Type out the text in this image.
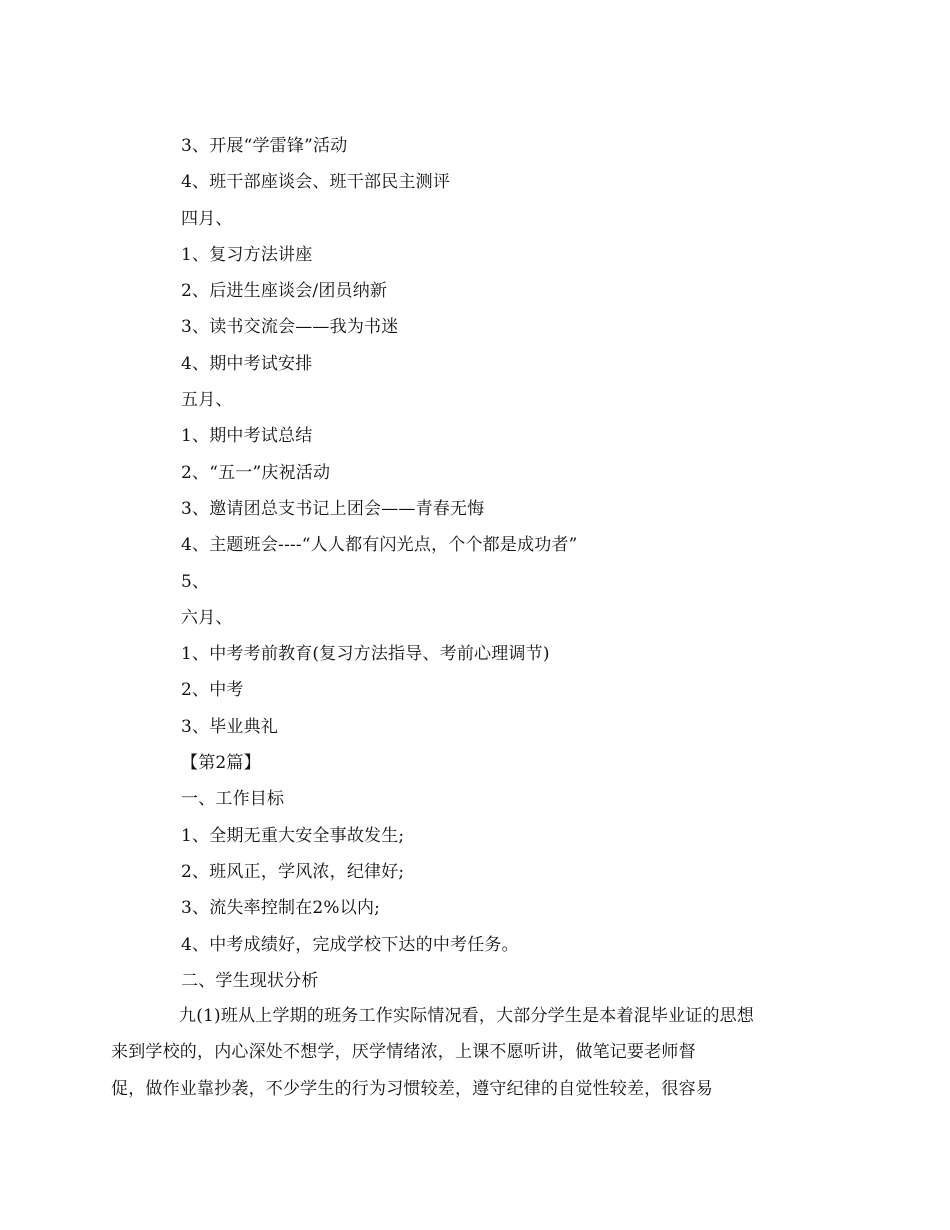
3、开展“学雷锋”活动
4、班干部座谈会、班干部民主测评
四月、
1、复习方法讲座
2、后进生座谈会/团员纳新
3、读书交流会——我为书迷
4、期中考试安排
五月、
1、期中考试总结
2、“五一”庆祝活动
3、邀请团总支书记上团会——青春无悔
4、主题班会----“人人都有闪光点，个个都是成功者”
5、
六月、
1、中考考前教育(复习方法指导、考前心理调节)
2、中考
3、毕业典礼
【第2篇】
一、工作目标
1、全期无重大安全事故发生;
2、班风正，学风浓，纪律好;
3、流失率控制在2%以内;
4、中考成绩好，完成学校下达的中考任务。
二、学生现状分析

九(1)班从上学期的班务工作实际情况看，大部分学生是本着混毕业证的思想
来到学校的，内心深处不想学，厌学情绪浓，上课不愿听讲，做笔记要老师督
促，做作业靠抄袭，不少学生的行为习惯较差，遵守纪律的自觉性较差，很容易
